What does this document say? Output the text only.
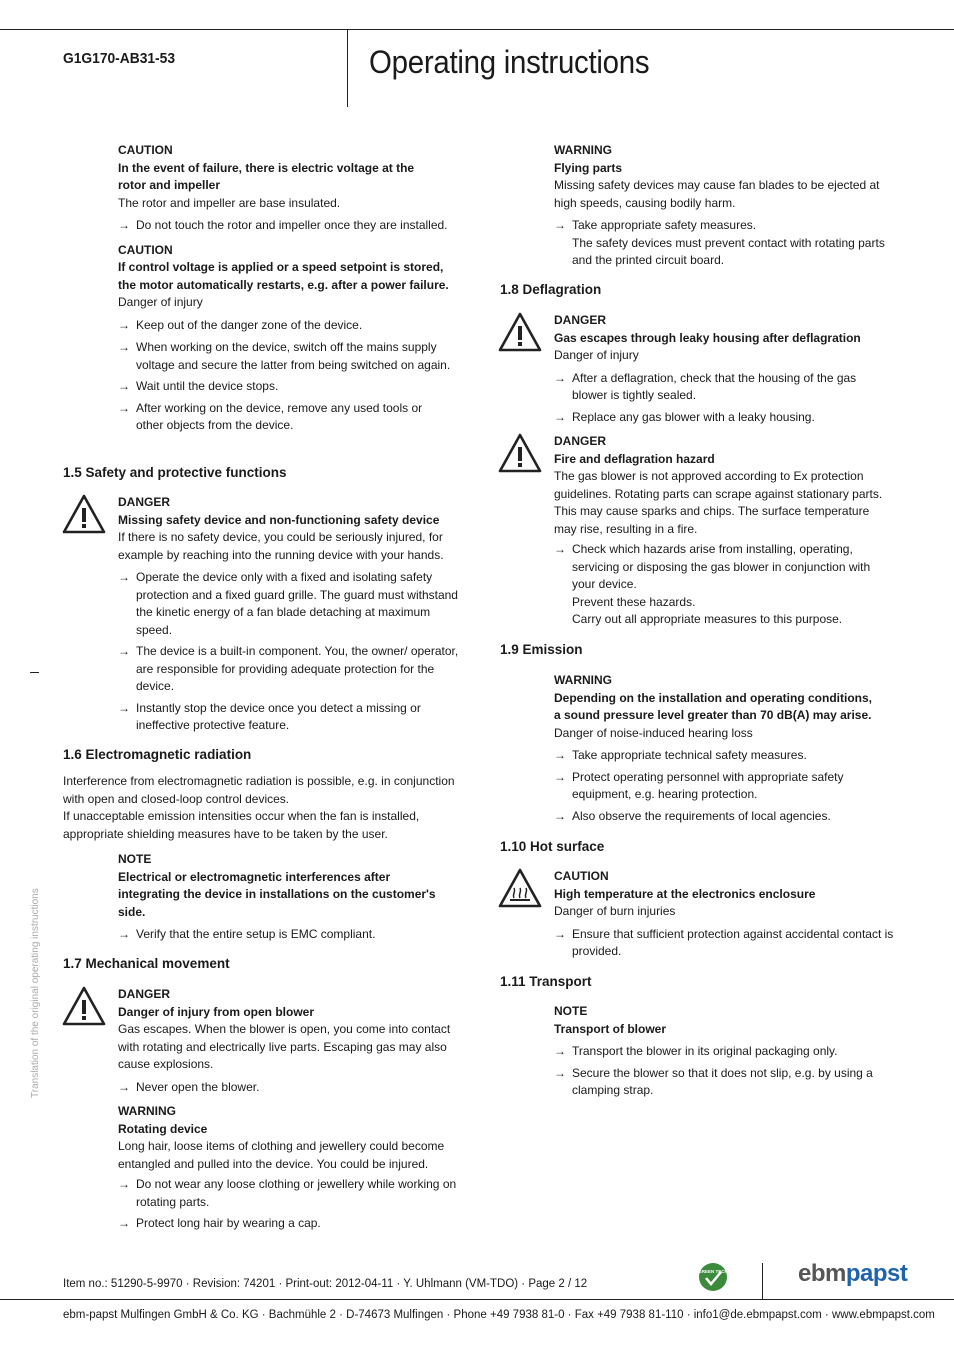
G1G170-AB31-53	Operating instructions
Translation of the original operating instructions

CAUTION

In the event of failure, there is electric voltage at the rotor and impeller

The rotor and impeller are base insulated.

→ Do not touch the rotor and impeller once they are installed.

CAUTION

If control voltage is applied or a speed setpoint is stored, the motor automatically restarts, e.g. after a power failure.

Danger of injury

→ Keep out of the danger zone of the device.

→ When working on the device, switch off the mains supply voltage and secure the latter from being switched on again.

→ Wait until the device stops.

→ After working on the device, remove any used tools or other objects from the device.

1.5 Safety and protective functions

DANGER

Missing safety device and non-functioning safety device

If there is no safety device, you could be seriously injured, for example by reaching into the running device with your hands.

→ Operate the device only with a fixed and isolating safety protection and a fixed guard grille. The guard must withstand the kinetic energy of a fan blade detaching at maximum speed.

→ The device is a built-in component. You, the owner/ operator, are responsible for providing adequate protection for the device.

→ Instantly stop the device once you detect a missing or ineffective protective feature.

1.6 Electromagnetic radiation

Interference from electromagnetic radiation is possible, e.g. in conjunction with open and closed-loop control devices.

If unacceptable emission intensities occur when the fan is installed, appropriate shielding measures have to be taken by the user.

NOTE

Electrical or electromagnetic interferences after integrating the device in installations on the customer's side.

→ Verify that the entire setup is EMC compliant.

1.7 Mechanical movement

DANGER

Danger of injury from open blower

Gas escapes. When the blower is open, you come into contact with rotating and electrically live parts. Escaping gas may also cause explosions.

→ Never open the blower.

WARNING

Rotating device

Long hair, loose items of clothing and jewellery could become entangled and pulled into the device. You could be injured.

→ Do not wear any loose clothing or jewellery while working on rotating parts.

→ Protect long hair by wearing a cap.

WARNING

Flying parts

Missing safety devices may cause fan blades to be ejected at high speeds, causing bodily harm.

→ Take appropriate safety measures.

The safety devices must prevent contact with rotating parts and the printed circuit board.

1.8 Deflagration

DANGER

Gas escapes through leaky housing after deflagration

Danger of injury

→ After a deflagration, check that the housing of the gas blower is tightly sealed.

→ Replace any gas blower with a leaky housing.

DANGER

Fire and deflagration hazard

The gas blower is not approved according to Ex protection guidelines. Rotating parts can scrape against stationary parts. This may cause sparks and chips. The surface temperature may rise, resulting in a fire.

→ Check which hazards arise from installing, operating, servicing or disposing the gas blower in conjunction with your device.

Prevent these hazards.

Carry out all appropriate measures to this purpose.

1.9 Emission

WARNING

Depending on the installation and operating conditions, a sound pressure level greater than 70 dB(A) may arise.

Danger of noise-induced hearing loss

→ Take appropriate technical safety measures.

→ Protect operating personnel with appropriate safety equipment, e.g. hearing protection.

→ Also observe the requirements of local agencies.

1.10 Hot surface

CAUTION

High temperature at the electronics enclosure

Danger of burn injuries

→ Ensure that sufficient protection against accidental contact is provided.

1.11 Transport

NOTE

Transport of blower

→ Transport the blower in its original packaging only.

→ Secure the blower so that it does not slip, e.g. by using a clamping strap.

Item no.: 51290-5-9970 · Revision: 74201 · Print-out: 2012-04-11 · Y. Uhlmann (VM-TDO) · Page 2 / 12
GREEN TECH	ebmpapst
ebm-papst Mulfingen GmbH & Co. KG · Bachmühle 2 · D-74673 Mulfingen · Phone +49 7938 81-0 · Fax +49 7938 81-110 · info1@de.ebmpapst.com · www.ebmpapst.com
